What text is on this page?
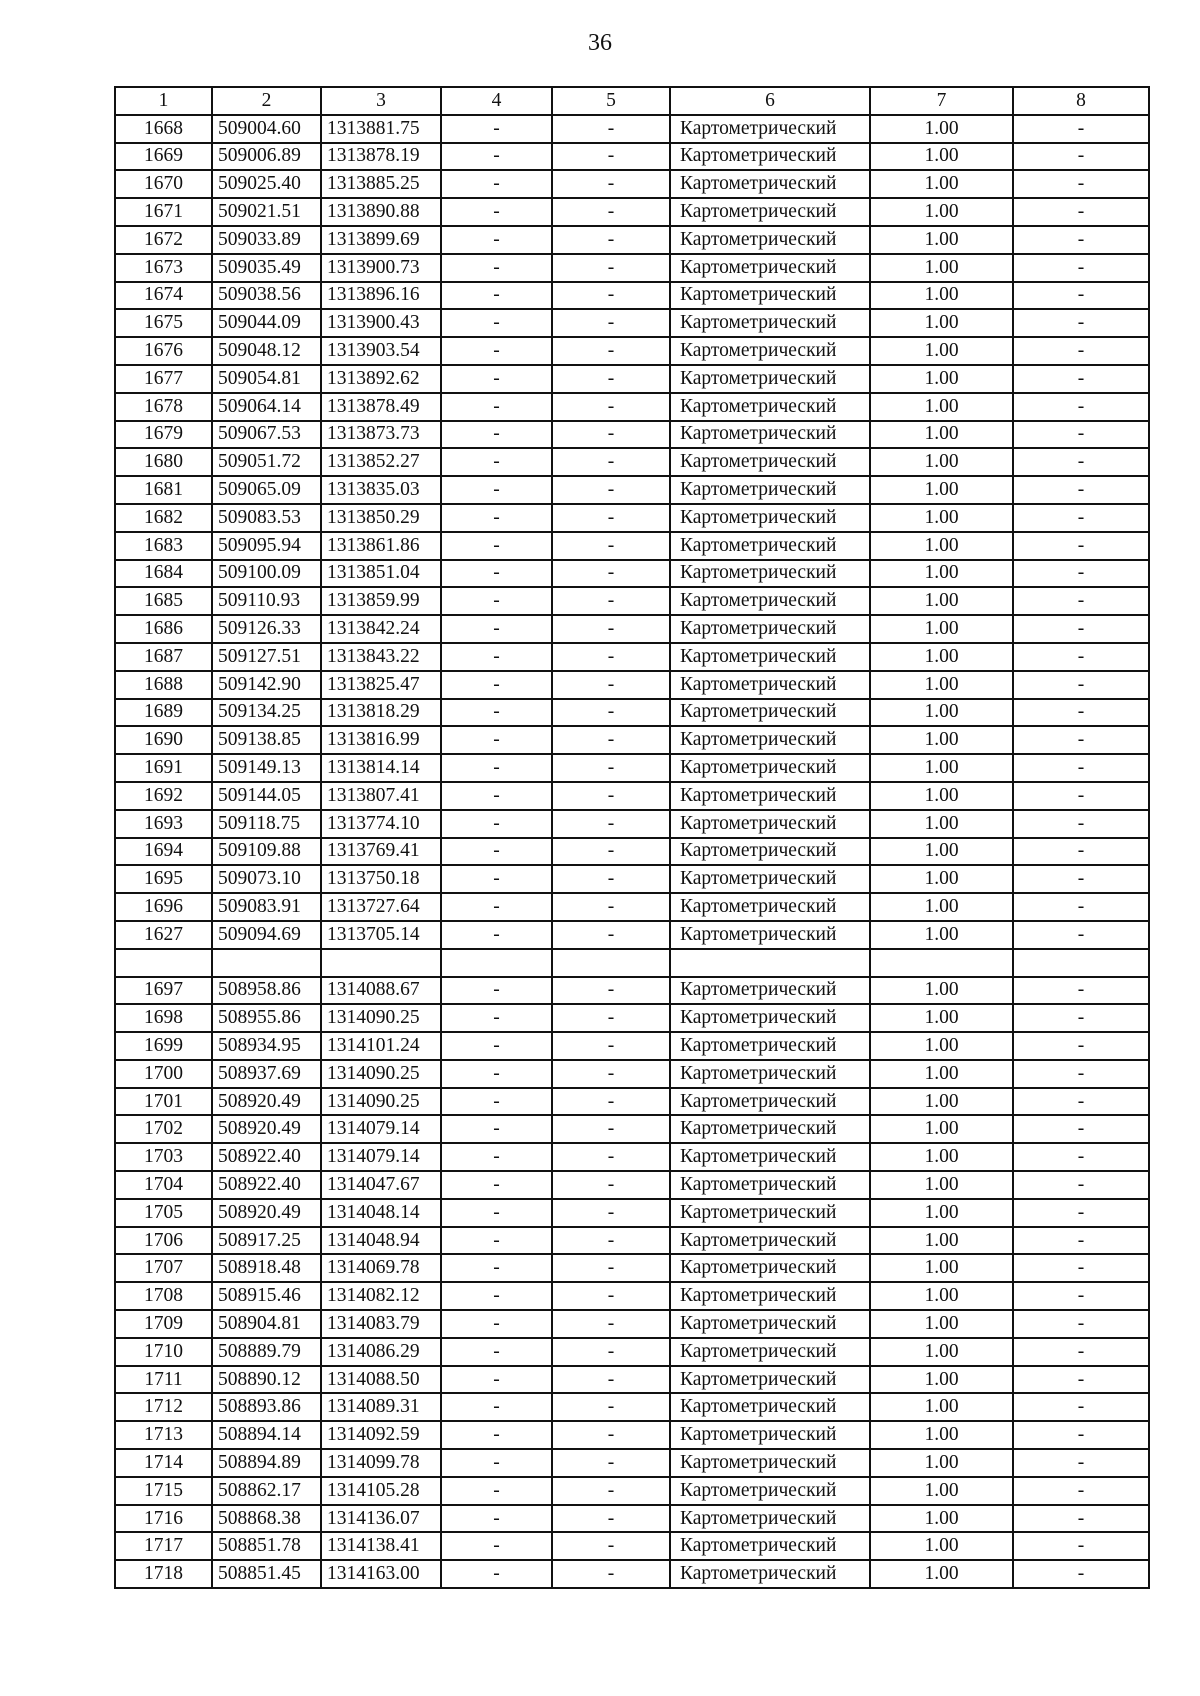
36
1	2	3	4	5	6	7	8
1668	509004.60	1313881.75	-	-	Картометрический	1.00	-
1669	509006.89	1313878.19	-	-	Картометрический	1.00	-
1670	509025.40	1313885.25	-	-	Картометрический	1.00	-
1671	509021.51	1313890.88	-	-	Картометрический	1.00	-
1672	509033.89	1313899.69	-	-	Картометрический	1.00	-
1673	509035.49	1313900.73	-	-	Картометрический	1.00	-
1674	509038.56	1313896.16	-	-	Картометрический	1.00	-
1675	509044.09	1313900.43	-	-	Картометрический	1.00	-
1676	509048.12	1313903.54	-	-	Картометрический	1.00	-
1677	509054.81	1313892.62	-	-	Картометрический	1.00	-
1678	509064.14	1313878.49	-	-	Картометрический	1.00	-
1679	509067.53	1313873.73	-	-	Картометрический	1.00	-
1680	509051.72	1313852.27	-	-	Картометрический	1.00	-
1681	509065.09	1313835.03	-	-	Картометрический	1.00	-
1682	509083.53	1313850.29	-	-	Картометрический	1.00	-
1683	509095.94	1313861.86	-	-	Картометрический	1.00	-
1684	509100.09	1313851.04	-	-	Картометрический	1.00	-
1685	509110.93	1313859.99	-	-	Картометрический	1.00	-
1686	509126.33	1313842.24	-	-	Картометрический	1.00	-
1687	509127.51	1313843.22	-	-	Картометрический	1.00	-
1688	509142.90	1313825.47	-	-	Картометрический	1.00	-
1689	509134.25	1313818.29	-	-	Картометрический	1.00	-
1690	509138.85	1313816.99	-	-	Картометрический	1.00	-
1691	509149.13	1313814.14	-	-	Картометрический	1.00	-
1692	509144.05	1313807.41	-	-	Картометрический	1.00	-
1693	509118.75	1313774.10	-	-	Картометрический	1.00	-
1694	509109.88	1313769.41	-	-	Картометрический	1.00	-
1695	509073.10	1313750.18	-	-	Картометрический	1.00	-
1696	509083.91	1313727.64	-	-	Картометрический	1.00	-
1627	509094.69	1313705.14	-	-	Картометрический	1.00	-

1697	508958.86	1314088.67	-	-	Картометрический	1.00	-
1698	508955.86	1314090.25	-	-	Картометрический	1.00	-
1699	508934.95	1314101.24	-	-	Картометрический	1.00	-
1700	508937.69	1314090.25	-	-	Картометрический	1.00	-
1701	508920.49	1314090.25	-	-	Картометрический	1.00	-
1702	508920.49	1314079.14	-	-	Картометрический	1.00	-
1703	508922.40	1314079.14	-	-	Картометрический	1.00	-
1704	508922.40	1314047.67	-	-	Картометрический	1.00	-
1705	508920.49	1314048.14	-	-	Картометрический	1.00	-
1706	508917.25	1314048.94	-	-	Картометрический	1.00	-
1707	508918.48	1314069.78	-	-	Картометрический	1.00	-
1708	508915.46	1314082.12	-	-	Картометрический	1.00	-
1709	508904.81	1314083.79	-	-	Картометрический	1.00	-
1710	508889.79	1314086.29	-	-	Картометрический	1.00	-
1711	508890.12	1314088.50	-	-	Картометрический	1.00	-
1712	508893.86	1314089.31	-	-	Картометрический	1.00	-
1713	508894.14	1314092.59	-	-	Картометрический	1.00	-
1714	508894.89	1314099.78	-	-	Картометрический	1.00	-
1715	508862.17	1314105.28	-	-	Картометрический	1.00	-
1716	508868.38	1314136.07	-	-	Картометрический	1.00	-
1717	508851.78	1314138.41	-	-	Картометрический	1.00	-
1718	508851.45	1314163.00	-	-	Картометрический	1.00	-
